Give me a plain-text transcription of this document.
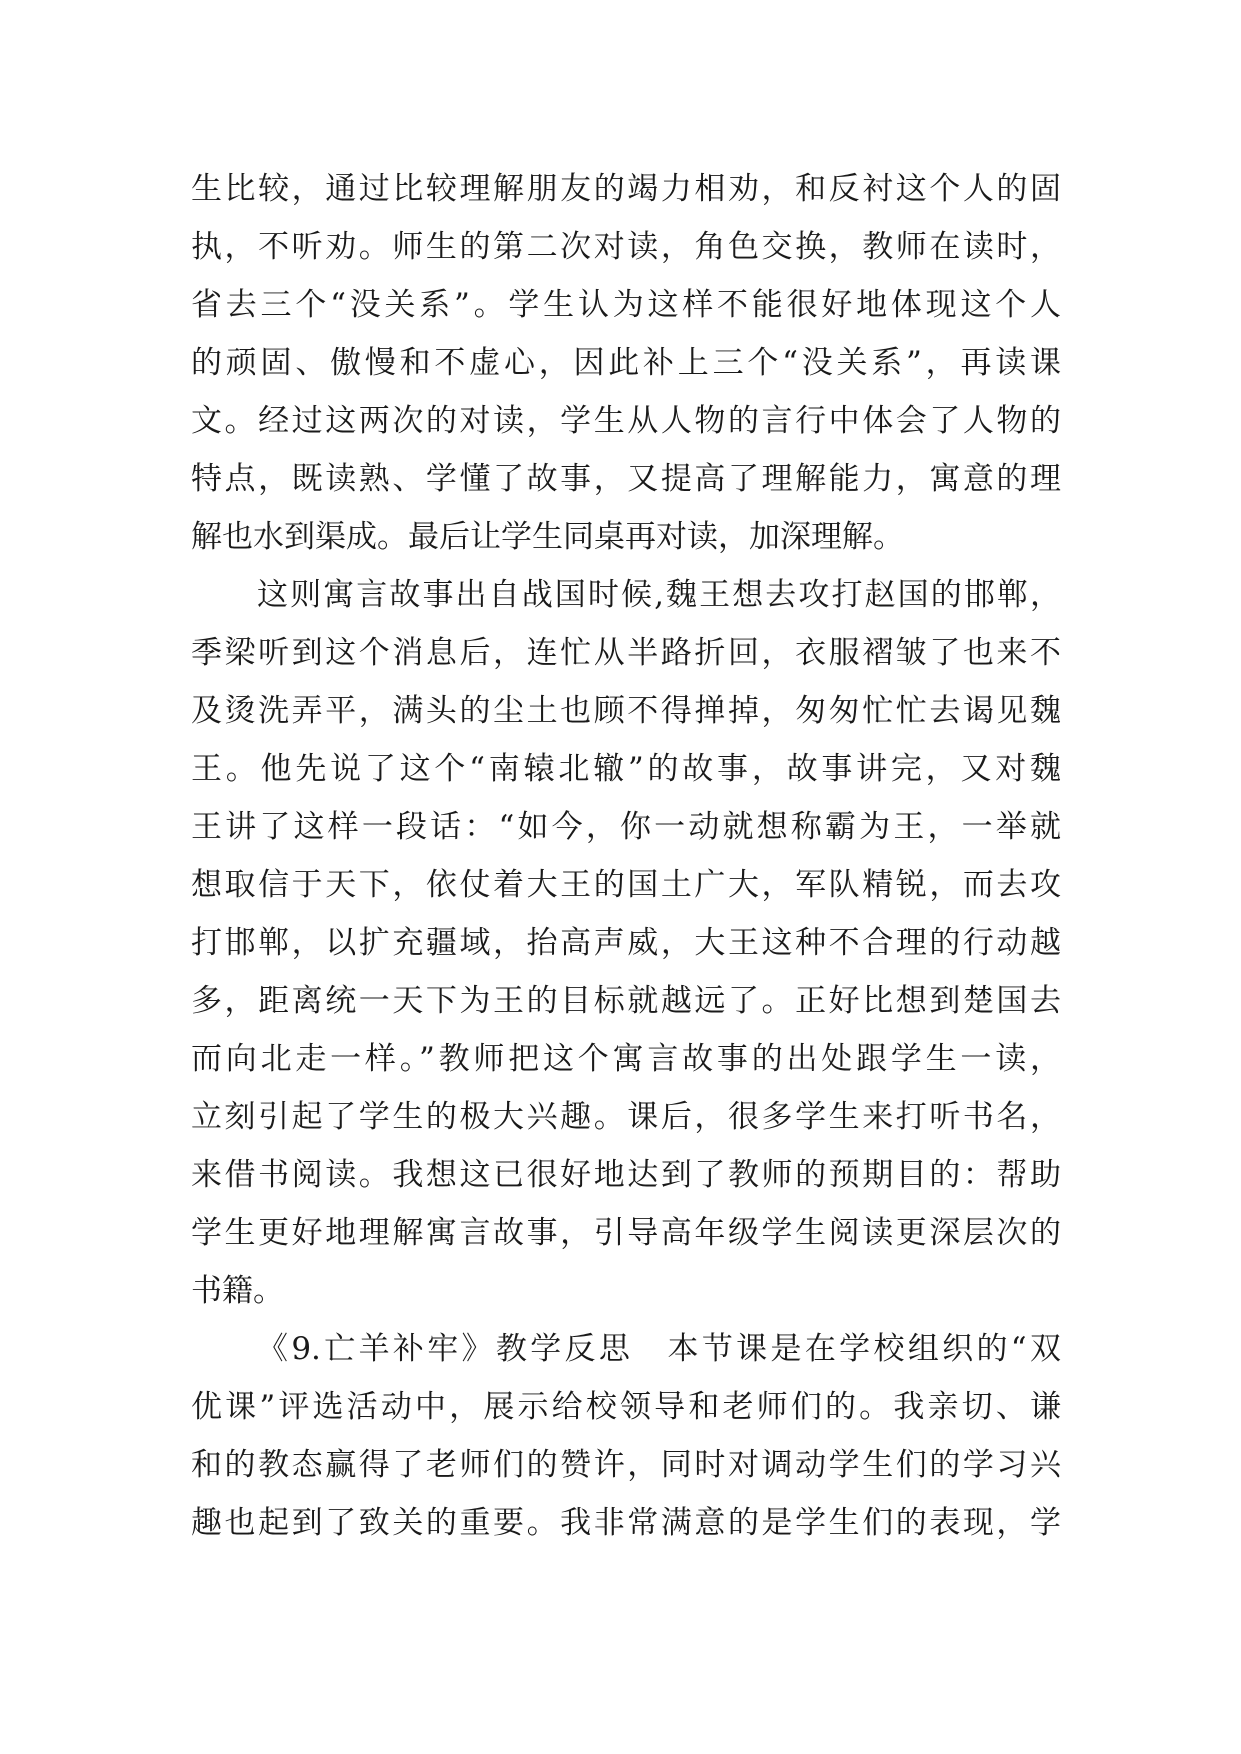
生比较，通过比较理解朋友的竭力相劝，和反衬这个人的固
执，不听劝。师生的第二次对读，角色交换，教师在读时，
省去三个“没关系”。学生认为这样不能很好地体现这个人
的顽固、傲慢和不虚心，因此补上三个“没关系”，再读课
文。经过这两次的对读，学生从人物的言行中体会了人物的
特点，既读熟、学懂了故事，又提高了理解能力，寓意的理
解也水到渠成。最后让学生同桌再对读，加深理解。
这则寓言故事出自战国时候,魏王想去攻打赵国的邯郸，
季梁听到这个消息后，连忙从半路折回，衣服褶皱了也来不
及烫洗弄平，满头的尘土也顾不得掸掉，匆匆忙忙去谒见魏
王。他先说了这个“南辕北辙”的故事，故事讲完，又对魏
王讲了这样一段话：“如今，你一动就想称霸为王，一举就
想取信于天下，依仗着大王的国土广大，军队精锐，而去攻
打邯郸，以扩充疆域，抬高声威，大王这种不合理的行动越
多，距离统一天下为王的目标就越远了。正好比想到楚国去
而向北走一样。”教师把这个寓言故事的出处跟学生一读，
立刻引起了学生的极大兴趣。课后，很多学生来打听书名，
来借书阅读。我想这已很好地达到了教师的预期目的：帮助
学生更好地理解寓言故事，引导高年级学生阅读更深层次的
书籍。
《9.亡羊补牢》教学反思　本节课是在学校组织的“双
优课”评选活动中，展示给校领导和老师们的。我亲切、谦
和的教态赢得了老师们的赞许，同时对调动学生们的学习兴
趣也起到了致关的重要。我非常满意的是学生们的表现，学
